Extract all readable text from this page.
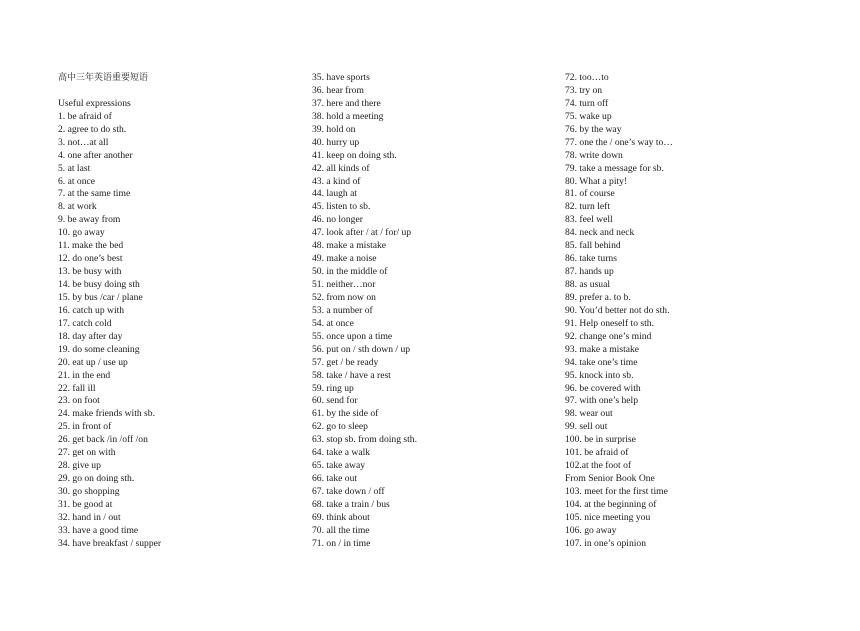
高中三年英语重要短语
Useful expressions
1. be afraid of
2. agree to do sth.
3. not…at all
4. one after another
5. at last
6. at once
7. at the same time
8. at work
9. be away from
10. go away
11. make the bed
12. do one’s best
13. be busy with
14. be busy doing sth
15. by bus /car / plane
16. catch up with
17. catch cold
18. day after day
19. do some cleaning
20. eat up / use up
21. in the end
22. fall ill
23. on foot
24. make friends with sb.
25. in front of
26. get back /in /off /on
27. get on with
28. give up
29. go on doing sth.
30. go shopping
31. be good at
32. hand in / out
33. have a good time
34. have breakfast / supper
35. have sports
36. hear from
37. here and there
38. hold a meeting
39. hold on
40. hurry up
41. keep on doing sth.
42. all kinds of
43. a kind of
44. laugh at
45. listen to sb.
46. no longer
47. look after / at / for/ up
48. make a mistake
49. make a noise
50. in the middle of
51. neither…nor
52. from now on
53. a number of
54. at once
55. once upon a time
56. put on / sth down / up
57. get / be ready
58. take / have a rest
59. ring up
60. send for
61. by the side of
62. go to sleep
63. stop sb. from doing sth.
64. take a walk
65. take away
66. take out
67. take down / off
68. take a train / bus
69. think about
70. all the time
71. on / in time
72. too…to
73. try on
74. turn off
75. wake up
76. by the way
77. one the / one’s way to…
78. write down
79. take a message for sb.
80. What a pity!
81. of course
82. turn left
83. feel well
84. neck and neck
85. fall behind
86. take turns
87. hands up
88. as usual
89. prefer a. to b.
90. You’d better not do sth.
91. Help oneself to sth.
92. change one’s mind
93. make a mistake
94. take one’s time
95. knock into sb.
96. be covered with
97. with one’s help
98. wear out
99. sell out
100. be in surprise
101. be afraid of
102.at the foot of
From Senior Book One
103. meet for the first time
104. at the beginning of
105. nice meeting you
106. go away
107. in one’s opinion
